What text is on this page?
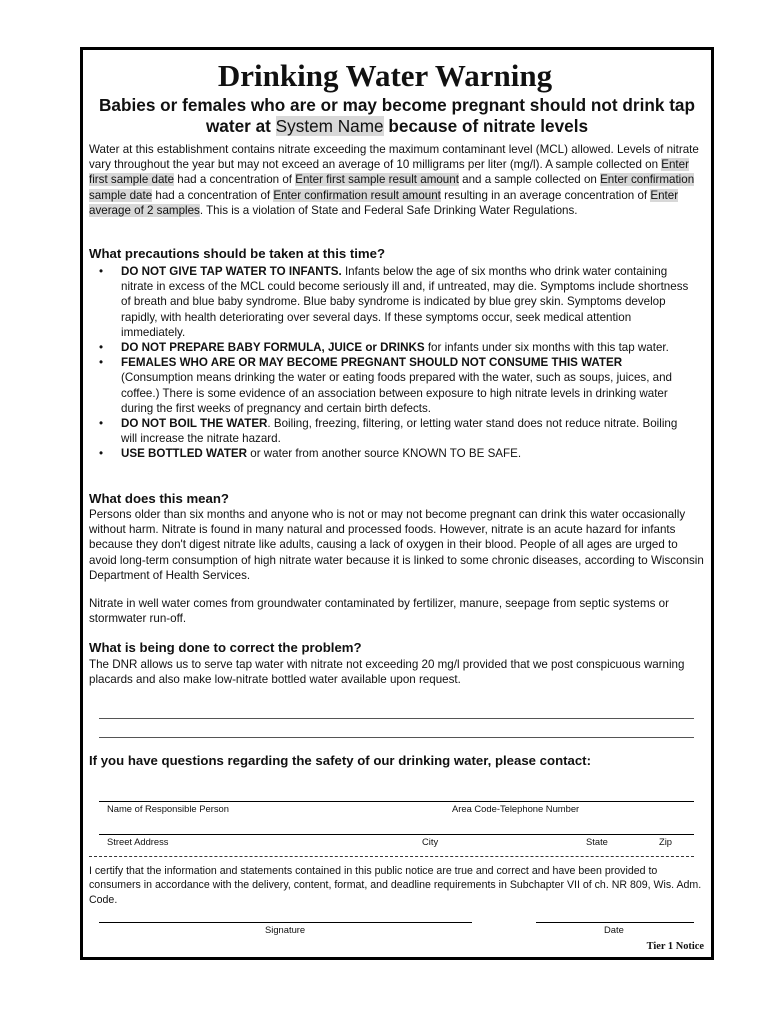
Drinking Water Warning
Babies or females who are or may become pregnant should not drink tap
water at System Name because of nitrate levels
Water at this establishment contains nitrate exceeding the maximum contaminant level (MCL) allowed. Levels of nitrate vary throughout the year but may not exceed an average of 10 milligrams per liter (mg/l). A sample collected on Enter first sample date had a concentration of Enter first sample result amount and a sample collected on Enter confirmation sample date had a concentration of Enter confirmation result amount resulting in an average concentration of Enter average of 2 samples. This is a violation of State and Federal Safe Drinking Water Regulations.
What precautions should be taken at this time?
• DO NOT GIVE TAP WATER TO INFANTS. Infants below the age of six months who drink water containing nitrate in excess of the MCL could become seriously ill and, if untreated, may die. Symptoms include shortness of breath and blue baby syndrome. Blue baby syndrome is indicated by blue grey skin. Symptoms develop rapidly, with health deteriorating over several days. If these symptoms occur, seek medical attention immediately.
• DO NOT PREPARE BABY FORMULA, JUICE or DRINKS for infants under six months with this tap water.
• FEMALES WHO ARE OR MAY BECOME PREGNANT SHOULD NOT CONSUME THIS WATER (Consumption means drinking the water or eating foods prepared with the water, such as soups, juices, and coffee.) There is some evidence of an association between exposure to high nitrate levels in drinking water during the first weeks of pregnancy and certain birth defects.
• DO NOT BOIL THE WATER. Boiling, freezing, filtering, or letting water stand does not reduce nitrate. Boiling will increase the nitrate hazard.
• USE BOTTLED WATER or water from another source KNOWN TO BE SAFE.
What does this mean?
Persons older than six months and anyone who is not or may not become pregnant can drink this water occasionally without harm. Nitrate is found in many natural and processed foods. However, nitrate is an acute hazard for infants because they don't digest nitrate like adults, causing a lack of oxygen in their blood. People of all ages are urged to avoid long-term consumption of high nitrate water because it is linked to some chronic diseases, according to Wisconsin Department of Health Services.
Nitrate in well water comes from groundwater contaminated by fertilizer, manure, seepage from septic systems or stormwater run-off.
What is being done to correct the problem?
The DNR allows us to serve tap water with nitrate not exceeding 20 mg/l provided that we post conspicuous warning placards and also make low-nitrate bottled water available upon request.
If you have questions regarding the safety of our drinking water, please contact:
Name of Responsible Person	Area Code-Telephone Number
Street Address	City	State	Zip
I certify that the information and statements contained in this public notice are true and correct and have been provided to consumers in accordance with the delivery, content, format, and deadline requirements in Subchapter VII of ch. NR 809, Wis. Adm. Code.
Signature	Date
Tier 1 Notice
